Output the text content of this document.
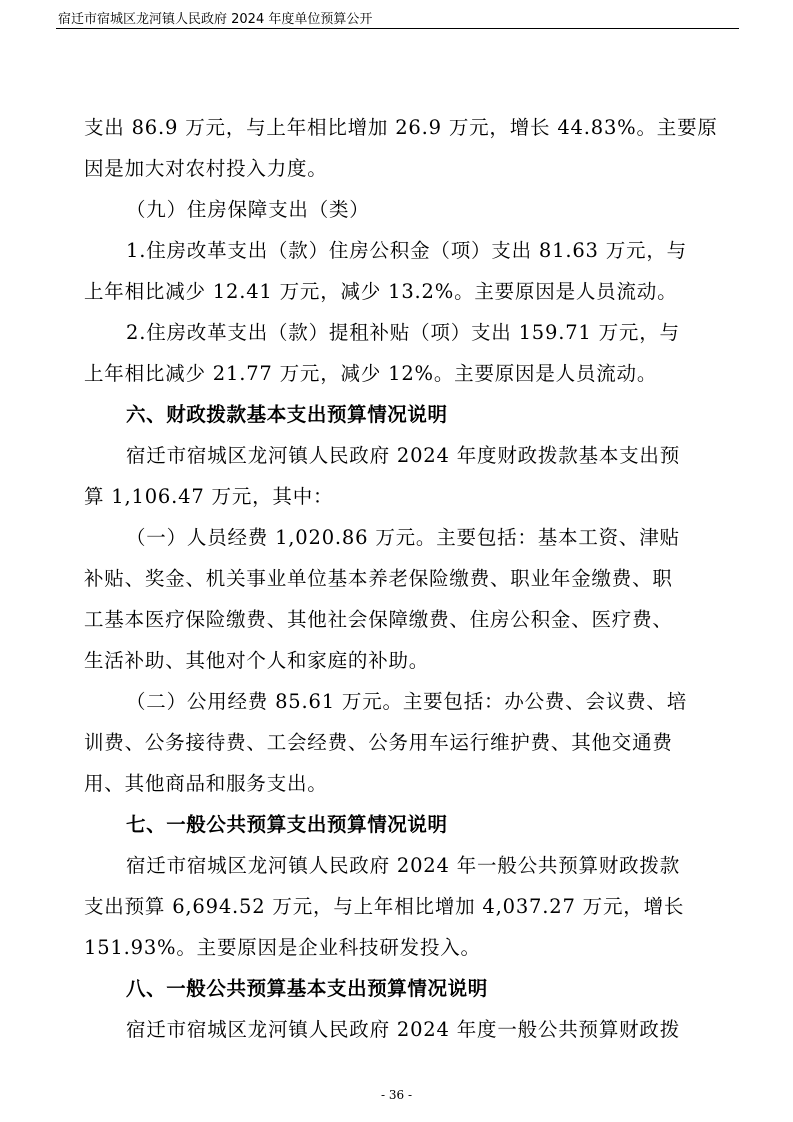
宿迁市宿城区龙河镇人民政府 2024 年度单位预算公开

支出 86.9 万元，与上年相比增加 26.9 万元，增长 44.83%。主要原

因是加大对农村投入力度。

（九）住房保障支出（类）

1.住房改革支出（款）住房公积金（项）支出 81.63 万元，与

上年相比减少 12.41 万元，减少 13.2%。主要原因是人员流动。

2.住房改革支出（款）提租补贴（项）支出 159.71 万元，与

上年相比减少 21.77 万元，减少 12%。主要原因是人员流动。

六、财政拨款基本支出预算情况说明

宿迁市宿城区龙河镇人民政府 2024 年度财政拨款基本支出预

算 1,106.47 万元，其中：

（一）人员经费 1,020.86 万元。主要包括：基本工资、津贴

补贴、奖金、机关事业单位基本养老保险缴费、职业年金缴费、职

工基本医疗保险缴费、其他社会保障缴费、住房公积金、医疗费、

生活补助、其他对个人和家庭的补助。

（二）公用经费 85.61 万元。主要包括：办公费、会议费、培

训费、公务接待费、工会经费、公务用车运行维护费、其他交通费

用、其他商品和服务支出。

七、一般公共预算支出预算情况说明

宿迁市宿城区龙河镇人民政府 2024 年一般公共预算财政拨款

支出预算 6,694.52 万元，与上年相比增加 4,037.27 万元，增长

151.93%。主要原因是企业科技研发投入。

八、一般公共预算基本支出预算情况说明

宿迁市宿城区龙河镇人民政府 2024 年度一般公共预算财政拨

- 36 -
